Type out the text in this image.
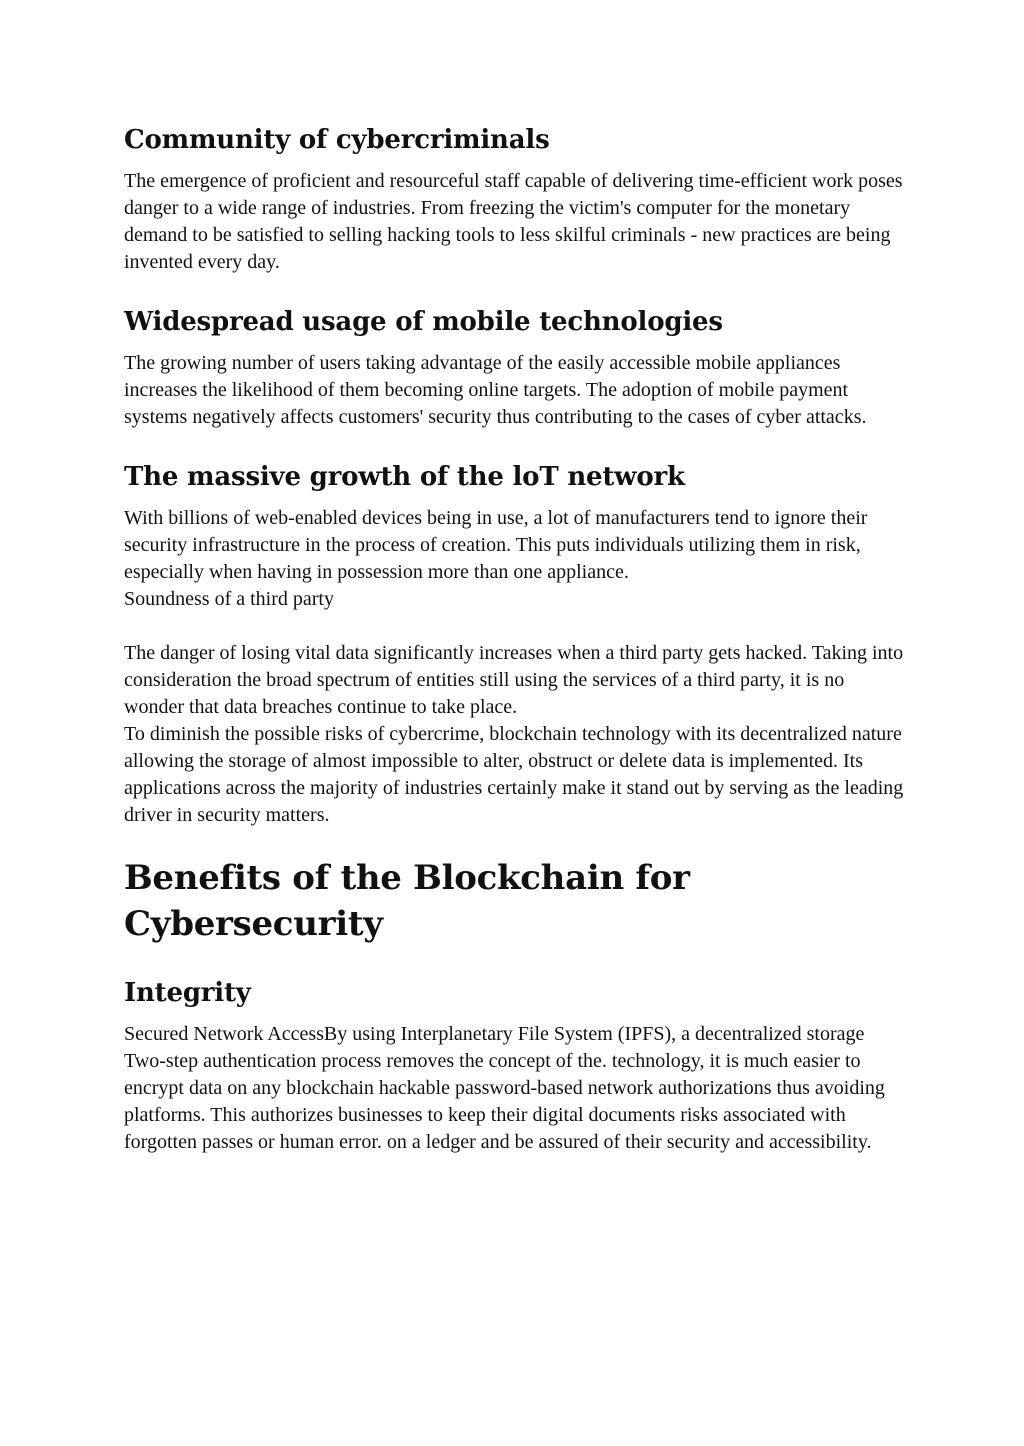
Community of cybercriminals

The emergence of proficient and resourceful staff capable of delivering time-efficient work poses danger to a wide range of industries. From freezing the victim's computer for the monetary demand to be satisfied to selling hacking tools to less skilful criminals - new practices are being invented every day.

Widespread usage of mobile technologies

The growing number of users taking advantage of the easily accessible mobile appliances increases the likelihood of them becoming online targets. The adoption of mobile payment systems negatively affects customers' security thus contributing to the cases of cyber attacks.

The massive growth of the loT network

With billions of web-enabled devices being in use, a lot of manufacturers tend to ignore their security infrastructure in the process of creation. This puts individuals utilizing them in risk, especially when having in possession more than one appliance.

Soundness of a third party

The danger of losing vital data significantly increases when a third party gets hacked. Taking into consideration the broad spectrum of entities still using the services of a third party, it is no wonder that data breaches continue to take place.

To diminish the possible risks of cybercrime, blockchain technology with its decentralized nature allowing the storage of almost impossible to alter, obstruct or delete data is implemented. Its applications across the majority of industries certainly make it stand out by serving as the leading driver in security matters.

Benefits of the Blockchain for Cybersecurity
Integrity

Secured Network AccessBy using Interplanetary File System (IPFS), a decentralized storage Two-step authentication process removes the concept of the. technology, it is much easier to encrypt data on any blockchain hackable password-based network authorizations thus avoiding platforms. This authorizes businesses to keep their digital documents risks associated with forgotten passes or human error. on a ledger and be assured of their security and accessibility.
